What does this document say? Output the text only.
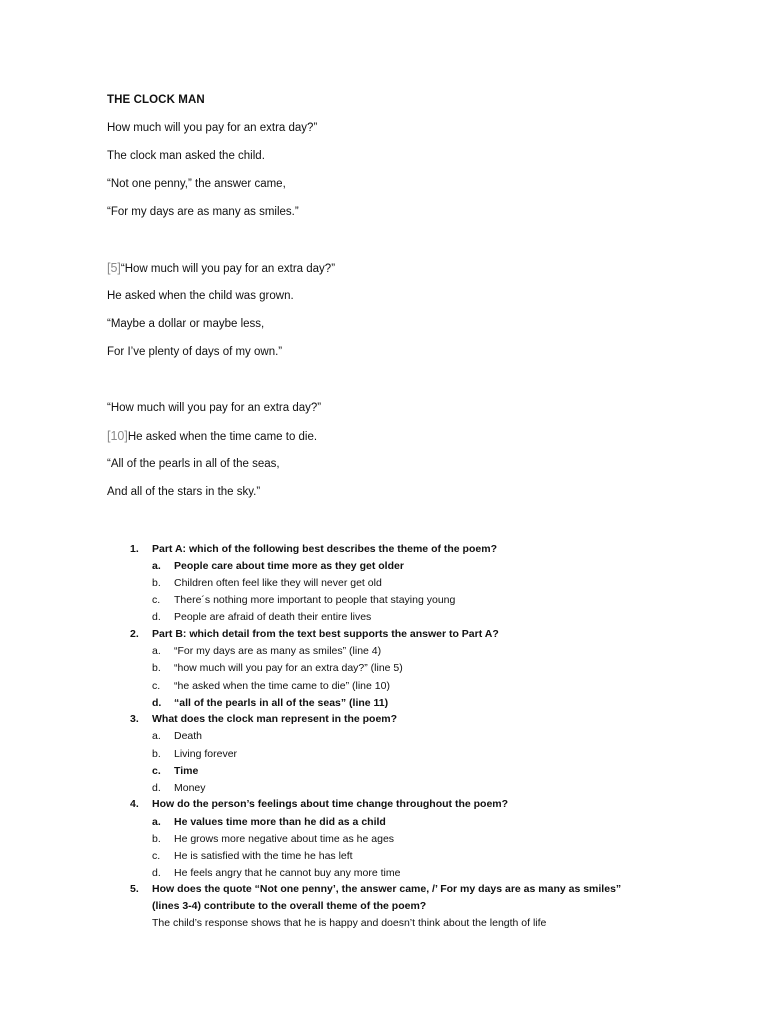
THE CLOCK MAN
How much will you pay for an extra day?”
The clock man asked the child.
“Not one penny,” the answer came,
“For my days are as many as smiles.”
[5]“How much will you pay for an extra day?”
He asked when the child was grown.
“Maybe a dollar or maybe less,
For I’ve plenty of days of my own.”
“How much will you pay for an extra day?”
[10]He asked when the time came to die.
“All of the pearls in all of the seas,
And all of the stars in the sky.”
1. Part A: which of the following best describes the theme of the poem?
a. People care about time more as they get older
b. Children often feel like they will never get old
c. There´s nothing more important to people that staying young
d. People are afraid of death their entire lives
2. Part B: which detail from the text best supports the answer to Part A?
a. “For my days are as many as smiles” (line 4)
b. “how much will you pay for an extra day?” (line 5)
c. “he asked when the time came to die” (line 10)
d. “all of the pearls in all of the seas” (line 11)
3. What does the clock man represent in the poem?
a. Death
b. Living forever
c. Time
d. Money
4. How do the person’s feelings about time change throughout the poem?
a. He values time more than he did as a child
b. He grows more negative about time as he ages
c. He is satisfied with the time he has left
d. He feels angry that he cannot buy any more time
5. How does the quote “Not one penny’, the answer came, /’ For my days are as many as smiles”
(lines 3-4) contribute to the overall theme of the poem?
The child’s response shows that he is happy and doesn’t think about the length of life
